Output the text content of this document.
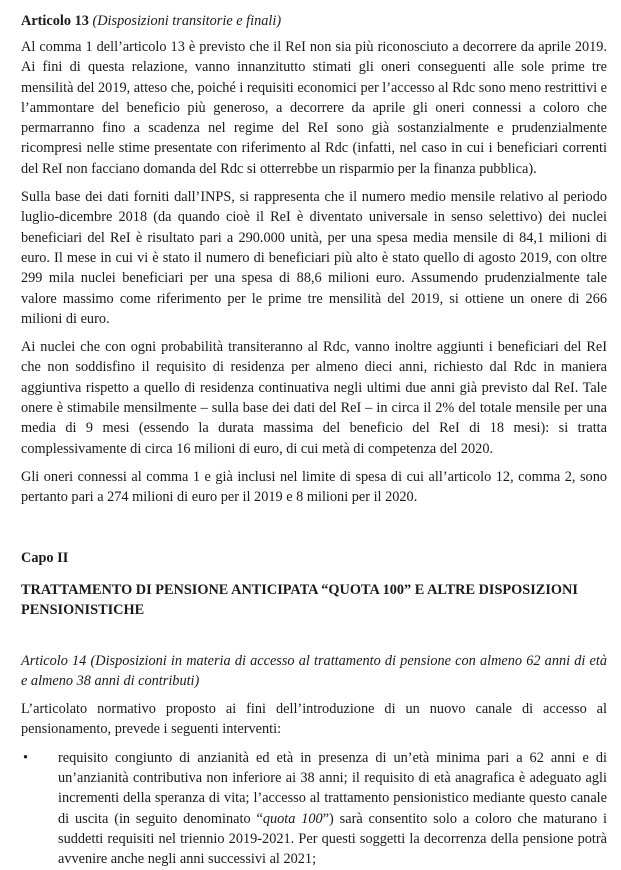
Articolo 13 (Disposizioni transitorie e finali)

Al comma 1 dell’articolo 13 è previsto che il ReI non sia più riconosciuto a decorrere da aprile 2019. Ai fini di questa relazione, vanno innanzitutto stimati gli oneri conseguenti alle sole prime tre mensilità del 2019, atteso che, poiché i requisiti economici per l’accesso al Rdc sono meno restrittivi e l’ammontare del beneficio più generoso, a decorrere da aprile gli oneri connessi a coloro che permarranno fino a scadenza nel regime del ReI sono già sostanzialmente e prudenzialmente ricompresi nelle stime presentate con riferimento al Rdc (infatti, nel caso in cui i beneficiari correnti del ReI non facciano domanda del Rdc si otterrebbe un risparmio per la finanza pubblica).

Sulla base dei dati forniti dall’INPS, si rappresenta che il numero medio mensile relativo al periodo luglio-dicembre 2018 (da quando cioè il ReI è diventato universale in senso selettivo) dei nuclei beneficiari del ReI è risultato pari a 290.000 unità, per una spesa media mensile di 84,1 milioni di euro. Il mese in cui vi è stato il numero di beneficiari più alto è stato quello di agosto 2019, con oltre 299 mila nuclei beneficiari per una spesa di 88,6 milioni euro. Assumendo prudenzialmente tale valore massimo come riferimento per le prime tre mensilità del 2019, si ottiene un onere di 266 milioni di euro.

Ai nuclei che con ogni probabilità transiteranno al Rdc, vanno inoltre aggiunti i beneficiari del ReI che non soddisfino il requisito di residenza per almeno dieci anni, richiesto dal Rdc in maniera aggiuntiva rispetto a quello di residenza continuativa negli ultimi due anni già previsto dal ReI. Tale onere è stimabile mensilmente – sulla base dei dati del ReI – in circa il 2% del totale mensile per una media di 9 mesi (essendo la durata massima del beneficio del ReI di 18 mesi): si tratta complessivamente di circa 16 milioni di euro, di cui metà di competenza del 2020.

Gli oneri connessi al comma 1 e già inclusi nel limite di spesa di cui all’articolo 12, comma 2, sono pertanto pari a 274 milioni di euro per il 2019 e 8 milioni per il 2020.

Capo II

TRATTAMENTO DI PENSIONE ANTICIPATA “QUOTA 100” E ALTRE DISPOSIZIONI PENSIONISTICHE

Articolo 14 (Disposizioni in materia di accesso al trattamento di pensione con almeno 62 anni di età e almeno 38 anni di contributi)

L’articolato normativo proposto ai fini dell’introduzione di un nuovo canale di accesso al pensionamento, prevede i seguenti interventi:

•	requisito congiunto di anzianità ed età in presenza di un’età minima pari a 62 anni e di un’anzianità contributiva non inferiore ai 38 anni; il requisito di età anagrafica è adeguato agli incrementi della speranza di vita; l’accesso al trattamento pensionistico mediante questo canale di uscita (in seguito denominato “quota 100”) sarà consentito solo a coloro che maturano i suddetti requisiti nel triennio 2019-2021. Per questi soggetti la decorrenza della pensione potrà avvenire anche negli anni successivi al 2021;
